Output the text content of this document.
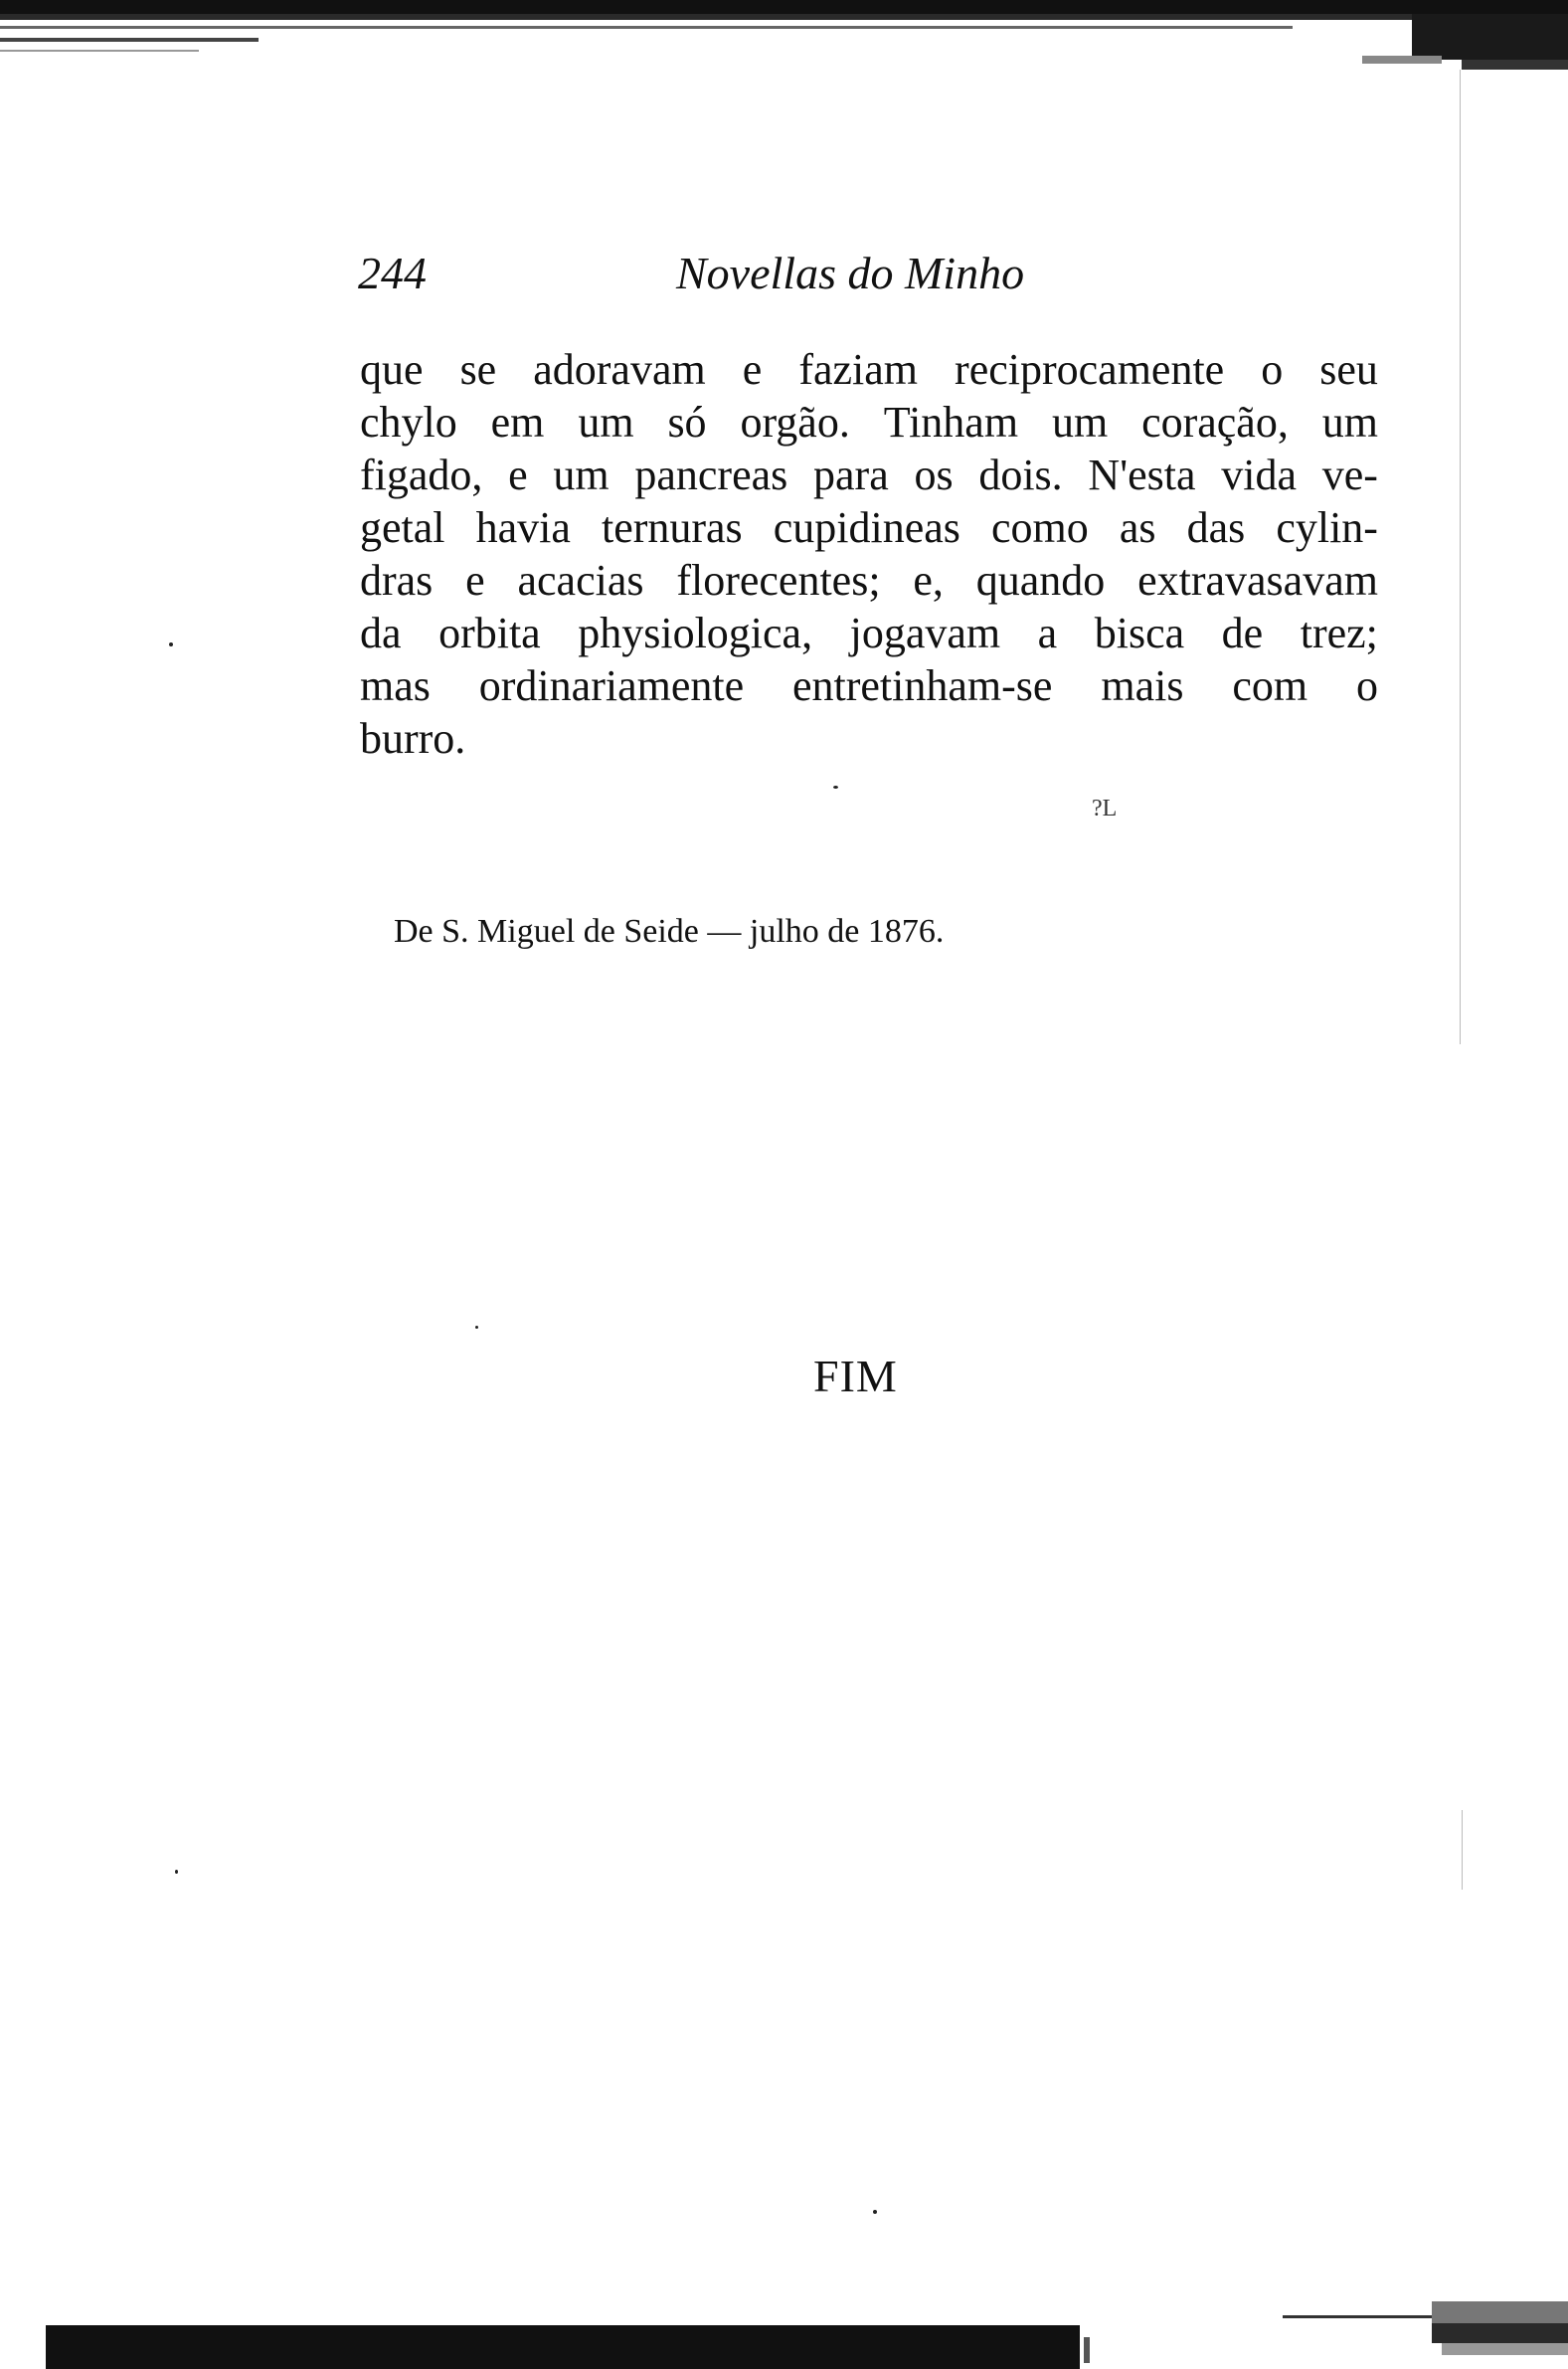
244	Novellas do Minho
que se adoravam e faziam reciprocamente o seu
chylo em um só orgão. Tinham um coração, um
figado, e um pancreas para os dois. N'esta vida ve-
getal havia ternuras cupidineas como as das cylin-
dras e acacias florecentes; e, quando extravasavam
da orbita physiologica, jogavam a bisca de trez;
mas ordinariamente entretinham-se mais com o
burro.
?L
De S. Miguel de Seide — julho de 1876.
FIM
